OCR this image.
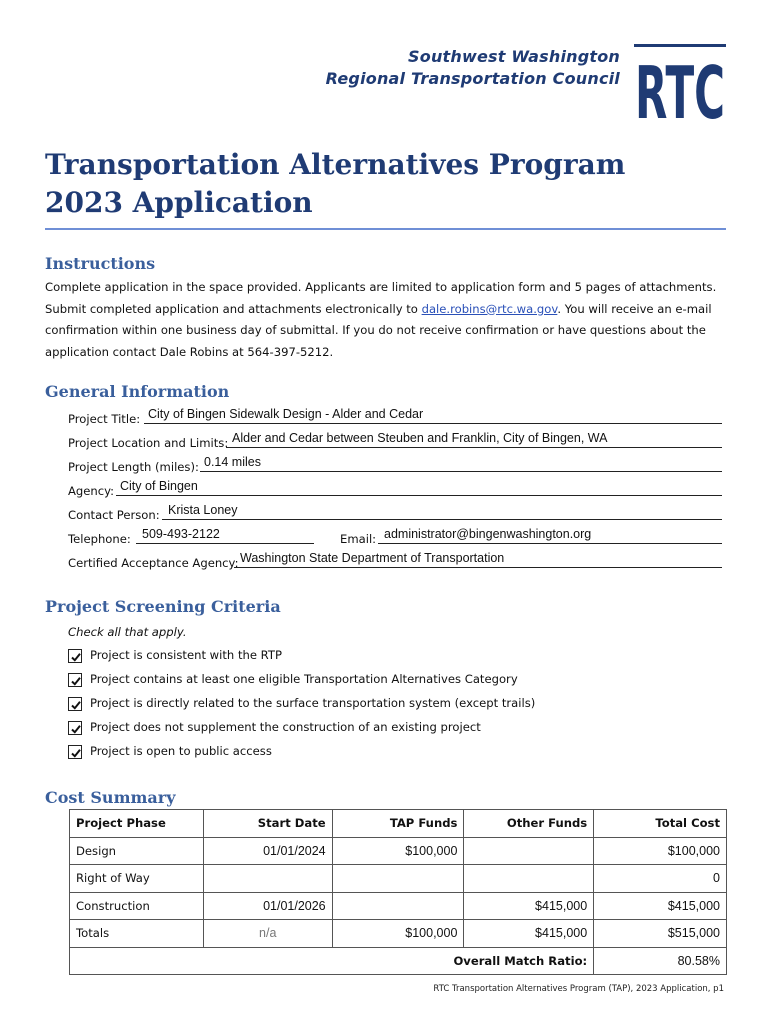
Southwest Washington
Regional Transportation Council RTC
Transportation Alternatives Program
2023 Application
Instructions
Complete application in the space provided. Applicants are limited to application form and 5 pages of attachments. Submit completed application and attachments electronically to dale.robins@rtc.wa.gov. You will receive an e-mail confirmation within one business day of submittal. If you do not receive confirmation or have questions about the application contact Dale Robins at 564-397-5212.
General Information
Project Title: City of Bingen Sidewalk Design - Alder and Cedar
Project Location and Limits: Alder and Cedar between Steuben and Franklin, City of Bingen, WA
Project Length (miles): 0.14 miles
Agency: City of Bingen
Contact Person: Krista Loney
Telephone: 509-493-2122	Email: administrator@bingenwashington.org
Certified Acceptance Agency: Washington State Department of Transportation
Project Screening Criteria
Check all that apply.
Project is consistent with the RTP
Project contains at least one eligible Transportation Alternatives Category
Project is directly related to the surface transportation system (except trails)
Project does not supplement the construction of an existing project
Project is open to public access
Cost Summary
Project Phase	Start Date	TAP Funds	Other Funds	Total Cost
Design	01/01/2024	$100,000		$100,000
Right of Way				0
Construction	01/01/2026		$415,000	$415,000
Totals	n/a	$100,000	$415,000	$515,000
Overall Match Ratio:				80.58%
RTC Transportation Alternatives Program (TAP), 2023 Application, p1
